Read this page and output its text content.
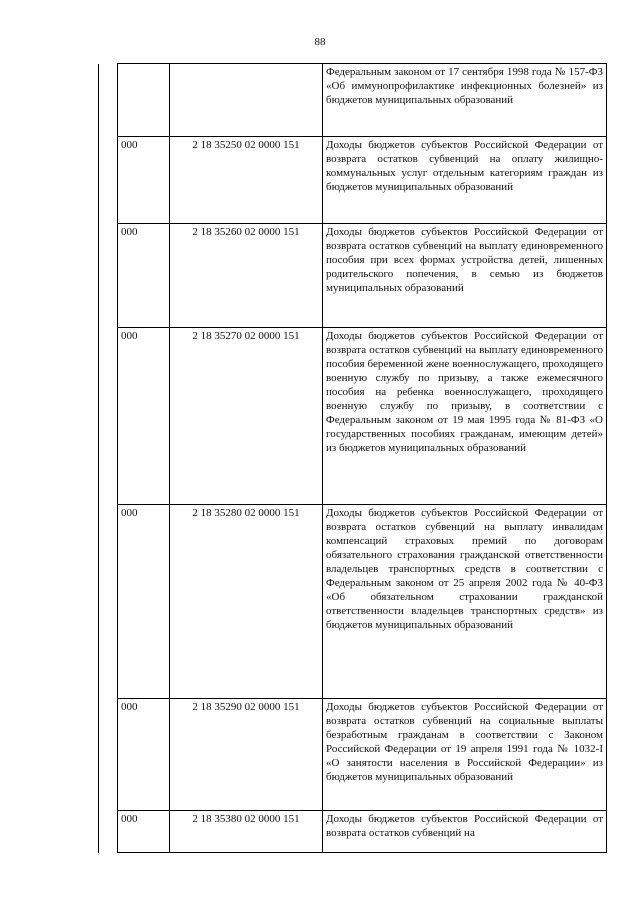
88
			Федеральным законом от 17 сентября 1998 года № 157-ФЗ «Об иммунопрофилактике инфекционных болезней» из бюджетов муниципальных образований
	000	2 18 35250 02 0000 151	Доходы бюджетов субъектов Российской Федерации от возврата остатков субвенций на оплату жилищно-коммунальных услуг отдельным категориям граждан из бюджетов муниципальных образований
	000	2 18 35260 02 0000 151	Доходы бюджетов субъектов Российской Федерации от возврата остатков субвенций на выплату единовременного пособия при всех формах устройства детей, лишенных родительского попечения, в семью из бюджетов муниципальных образований
	000	2 18 35270 02 0000 151	Доходы бюджетов субъектов Российской Федерации от возврата остатков субвенций на выплату единовременного пособия беременной жене военнослужащего, проходящего военную службу по призыву, а также ежемесячного пособия на ребенка военнослужащего, проходящего военную службу по призыву, в соответствии с Федеральным законом от 19 мая 1995 года № 81-ФЗ «О государственных пособиях гражданам, имеющим детей» из бюджетов муниципальных образований
	000	2 18 35280 02 0000 151	Доходы бюджетов субъектов Российской Федерации от возврата остатков субвенций на выплату инвалидам компенсаций страховых премий по договорам обязательного страхования гражданской ответственности владельцев транспортных средств в соответствии с Федеральным законом от 25 апреля 2002 года № 40-ФЗ «Об обязательном страховании гражданской ответственности владельцев транспортных средств» из бюджетов муниципальных образований
	000	2 18 35290 02 0000 151	Доходы бюджетов субъектов Российской Федерации от возврата остатков субвенций на социальные выплаты безработным гражданам в соответствии с Законом Российской Федерации от 19 апреля 1991 года № 1032-I «О занятости населения в Российской Федерации» из бюджетов муниципальных образований
	000	2 18 35380 02 0000 151	Доходы бюджетов субъектов Российской Федерации от возврата остатков субвенций на
